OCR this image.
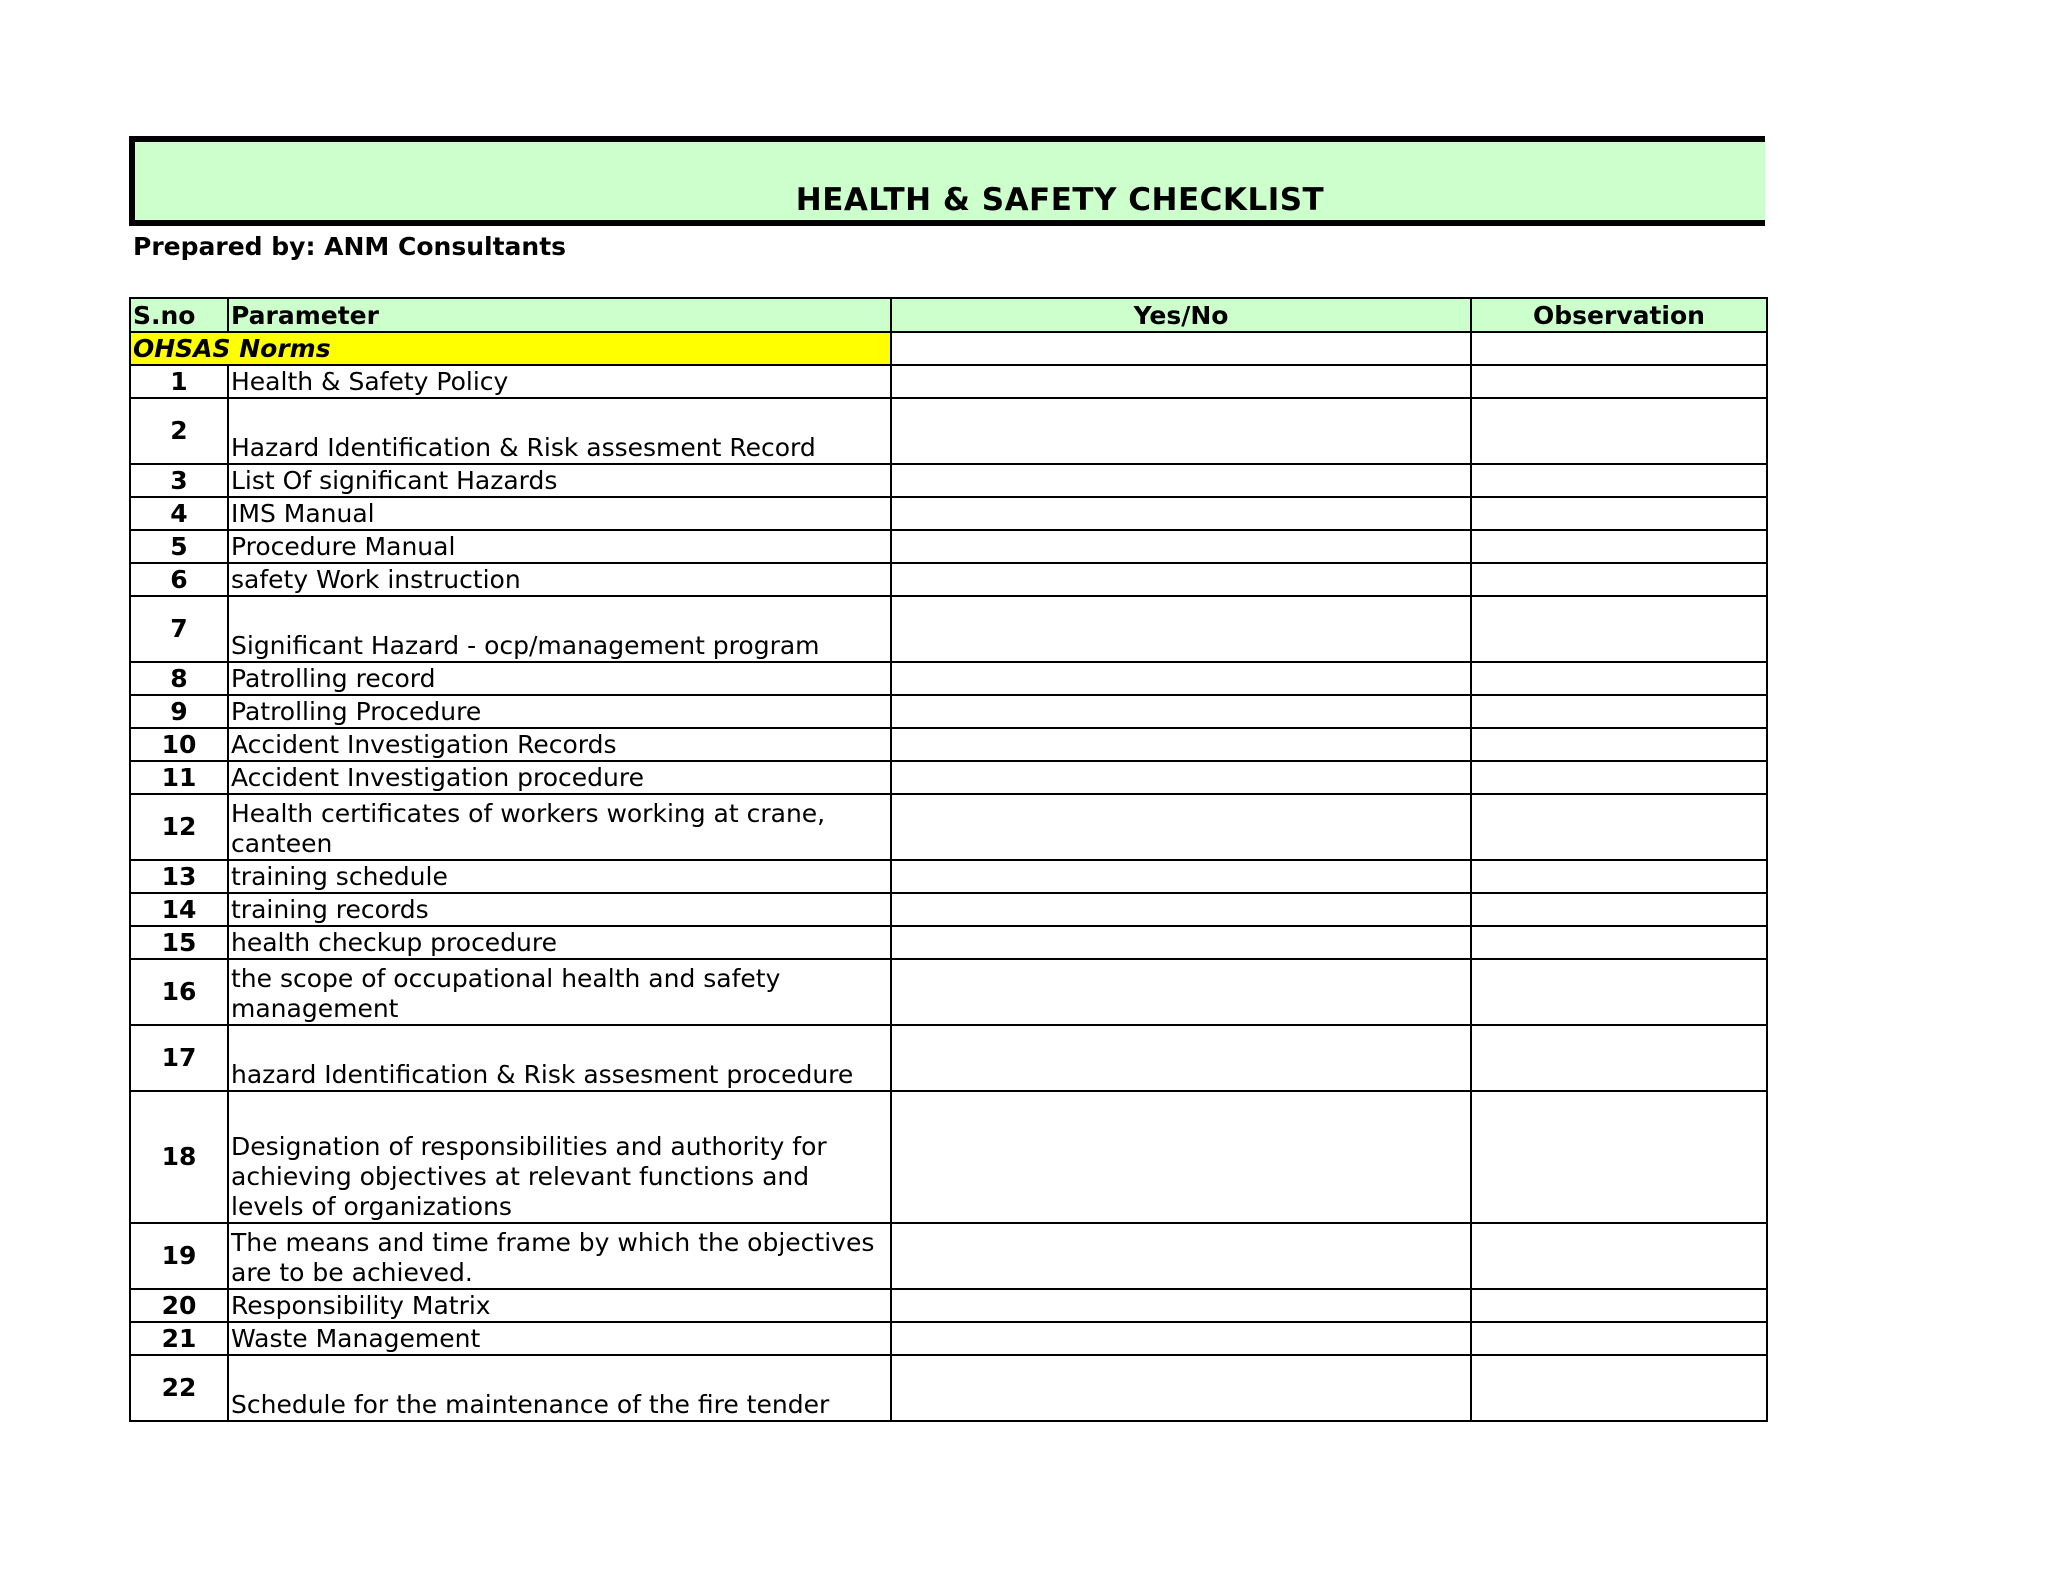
HEALTH & SAFETY CHECKLIST
Prepared by: ANM Consultants
S.no	Parameter	Yes/No	Observation
OHSAS Norms			
1	Health & Safety Policy		
2	Hazard Identification & Risk assesment Record		
3	List Of significant Hazards		
4	IMS Manual		
5	Procedure Manual		
6	safety Work instruction		
7	Significant Hazard - ocp/management program		
8	Patrolling record		
9	Patrolling Procedure		
10	Accident Investigation Records		
11	Accident Investigation procedure		
12	Health certificates of workers working at crane, canteen		
13	training schedule		
14	training records		
15	health checkup procedure		
16	the scope of occupational health and safety management		
17	hazard Identification & Risk assesment procedure		
18	Designation of responsibilities and authority for achieving objectives at relevant functions and levels of organizations		
19	The means and time frame by which the objectives are to be achieved.		
20	Responsibility Matrix		
21	Waste Management		
22	Schedule for the maintenance of the fire tender		
